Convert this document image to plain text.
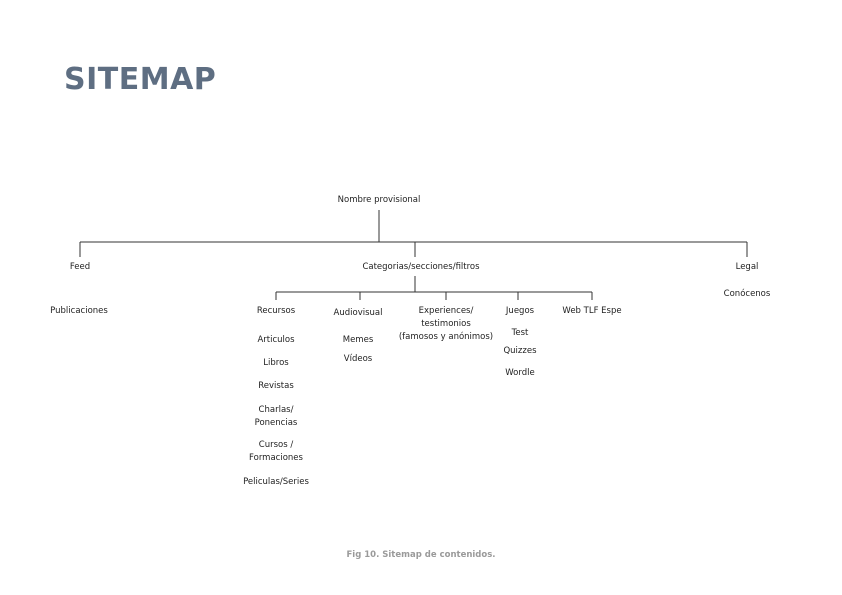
SITEMAP
Nombre provisional
Feed	Categorias/secciones/filtros	Legal
Publicaciones
Conócenos
Recursos	Audiovisual	Experiences/
testimonios
(famosos y anónimos)
Juegos	Web TLF Espe
Articulos
Libros
Revistas
Charlas/
Ponencias
Cursos /
Formaciones
Peliculas/Series
Memes
Vídeos
Test
Quizzes
Wordle
Fig 10. Sitemap de contenidos.
